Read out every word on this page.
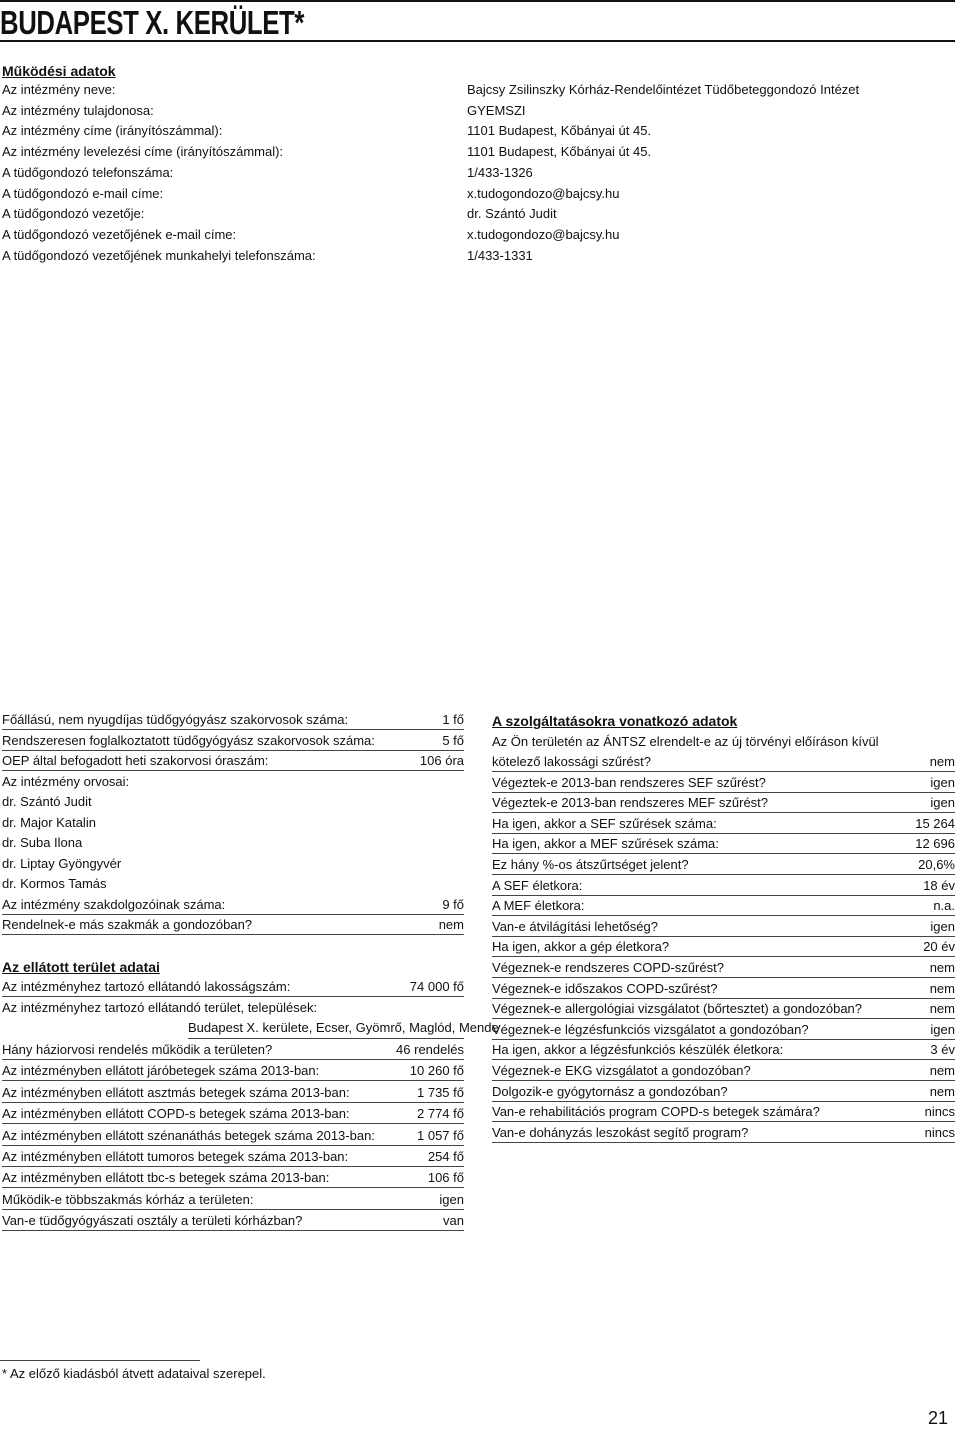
BUDAPEST X. KERÜLET*
Működési adatok
Az intézmény neve:	Bajcsy Zsilinszky Kórház-Rendelőintézet Tüdőbeteggondozó Intézet
Az intézmény tulajdonosa:	GYEMSZI
Az intézmény címe (irányítószámmal):	1101 Budapest, Kőbányai út 45.
Az intézmény levelezési címe (irányítószámmal):	1101 Budapest, Kőbányai út 45.
A tüdőgondozó telefonszáma:	1/433-1326
A tüdőgondozó e-mail címe:	x.tudogondozo@bajcsy.hu
A tüdőgondozó vezetője:	dr. Szántó Judit
A tüdőgondozó vezetőjének e-mail címe:	x.tudogondozo@bajcsy.hu
A tüdőgondozó vezetőjének munkahelyi telefonszáma:	1/433-1331
Főállású, nem nyugdíjas tüdőgyógyász szakorvosok száma:	1 fő
Rendszeresen foglalkoztatott tüdőgyógyász szakorvosok száma:	5 fő
OEP által befogadott heti szakorvosi óraszám:	106 óra
Az intézmény orvosai:
dr. Szántó Judit
dr. Major Katalin
dr. Suba Ilona
dr. Liptay Gyöngyvér
dr. Kormos Tamás
Az intézmény szakdolgozóinak száma:	9 fő
Rendelnek-e más szakmák a gondozóban?	nem
Az ellátott terület adatai
Az intézményhez tartozó ellátandó lakosságszám:	74 000 fő
Az intézményhez tartozó ellátandó terület, települések:
Budapest X. kerülete, Ecser, Gyömrő, Maglód, Mende
Hány háziorvosi rendelés működik a területen?	46 rendelés
Az intézményben ellátott járóbetegek száma 2013-ban:	10 260 fő
Az intézményben ellátott asztmás betegek száma 2013-ban:	1 735 fő
Az intézményben ellátott COPD-s betegek száma 2013-ban:	2 774 fő
Az intézményben ellátott szénanáthás betegek száma 2013-ban:	1 057 fő
Az intézményben ellátott tumoros betegek száma 2013-ban:	254 fő
Az intézményben ellátott tbc-s betegek száma 2013-ban:	106 fő
Működik-e többszakmás kórház a területen:	igen
Van-e tüdőgyógyászati osztály a területi kórházban?	van
A szolgáltatásokra vonatkozó adatok
Az Ön területén az ÁNTSZ elrendelt-e az új törvényi előíráson kívül
kötelező lakossági szűrést?	nem
Végeztek-e 2013-ban rendszeres SEF szűrést?	igen
Végeztek-e 2013-ban rendszeres MEF szűrést?	igen
Ha igen, akkor a SEF szűrések száma:	15 264
Ha igen, akkor a MEF szűrések száma:	12 696
Ez hány %-os átszűrtséget jelent?	20,6%
A SEF életkora:	18 év
A MEF életkora:	n.a.
Van-e átvilágítási lehetőség?	igen
Ha igen, akkor a gép életkora?	20 év
Végeznek-e rendszeres COPD-szűrést?	nem
Végeznek-e időszakos COPD-szűrést?	nem
Végeznek-e allergológiai vizsgálatot (bőrtesztet) a gondozóban?	nem
Végeznek-e légzésfunkciós vizsgálatot a gondozóban?	igen
Ha igen, akkor a légzésfunkciós készülék életkora:	3 év
Végeznek-e EKG vizsgálatot a gondozóban?	nem
Dolgozik-e gyógytornász a gondozóban?	nem
Van-e rehabilitációs program COPD-s betegek számára?	nincs
Van-e dohányzás leszokást segítő program?	nincs
* Az előző kiadásból átvett adataival szerepel.
21
